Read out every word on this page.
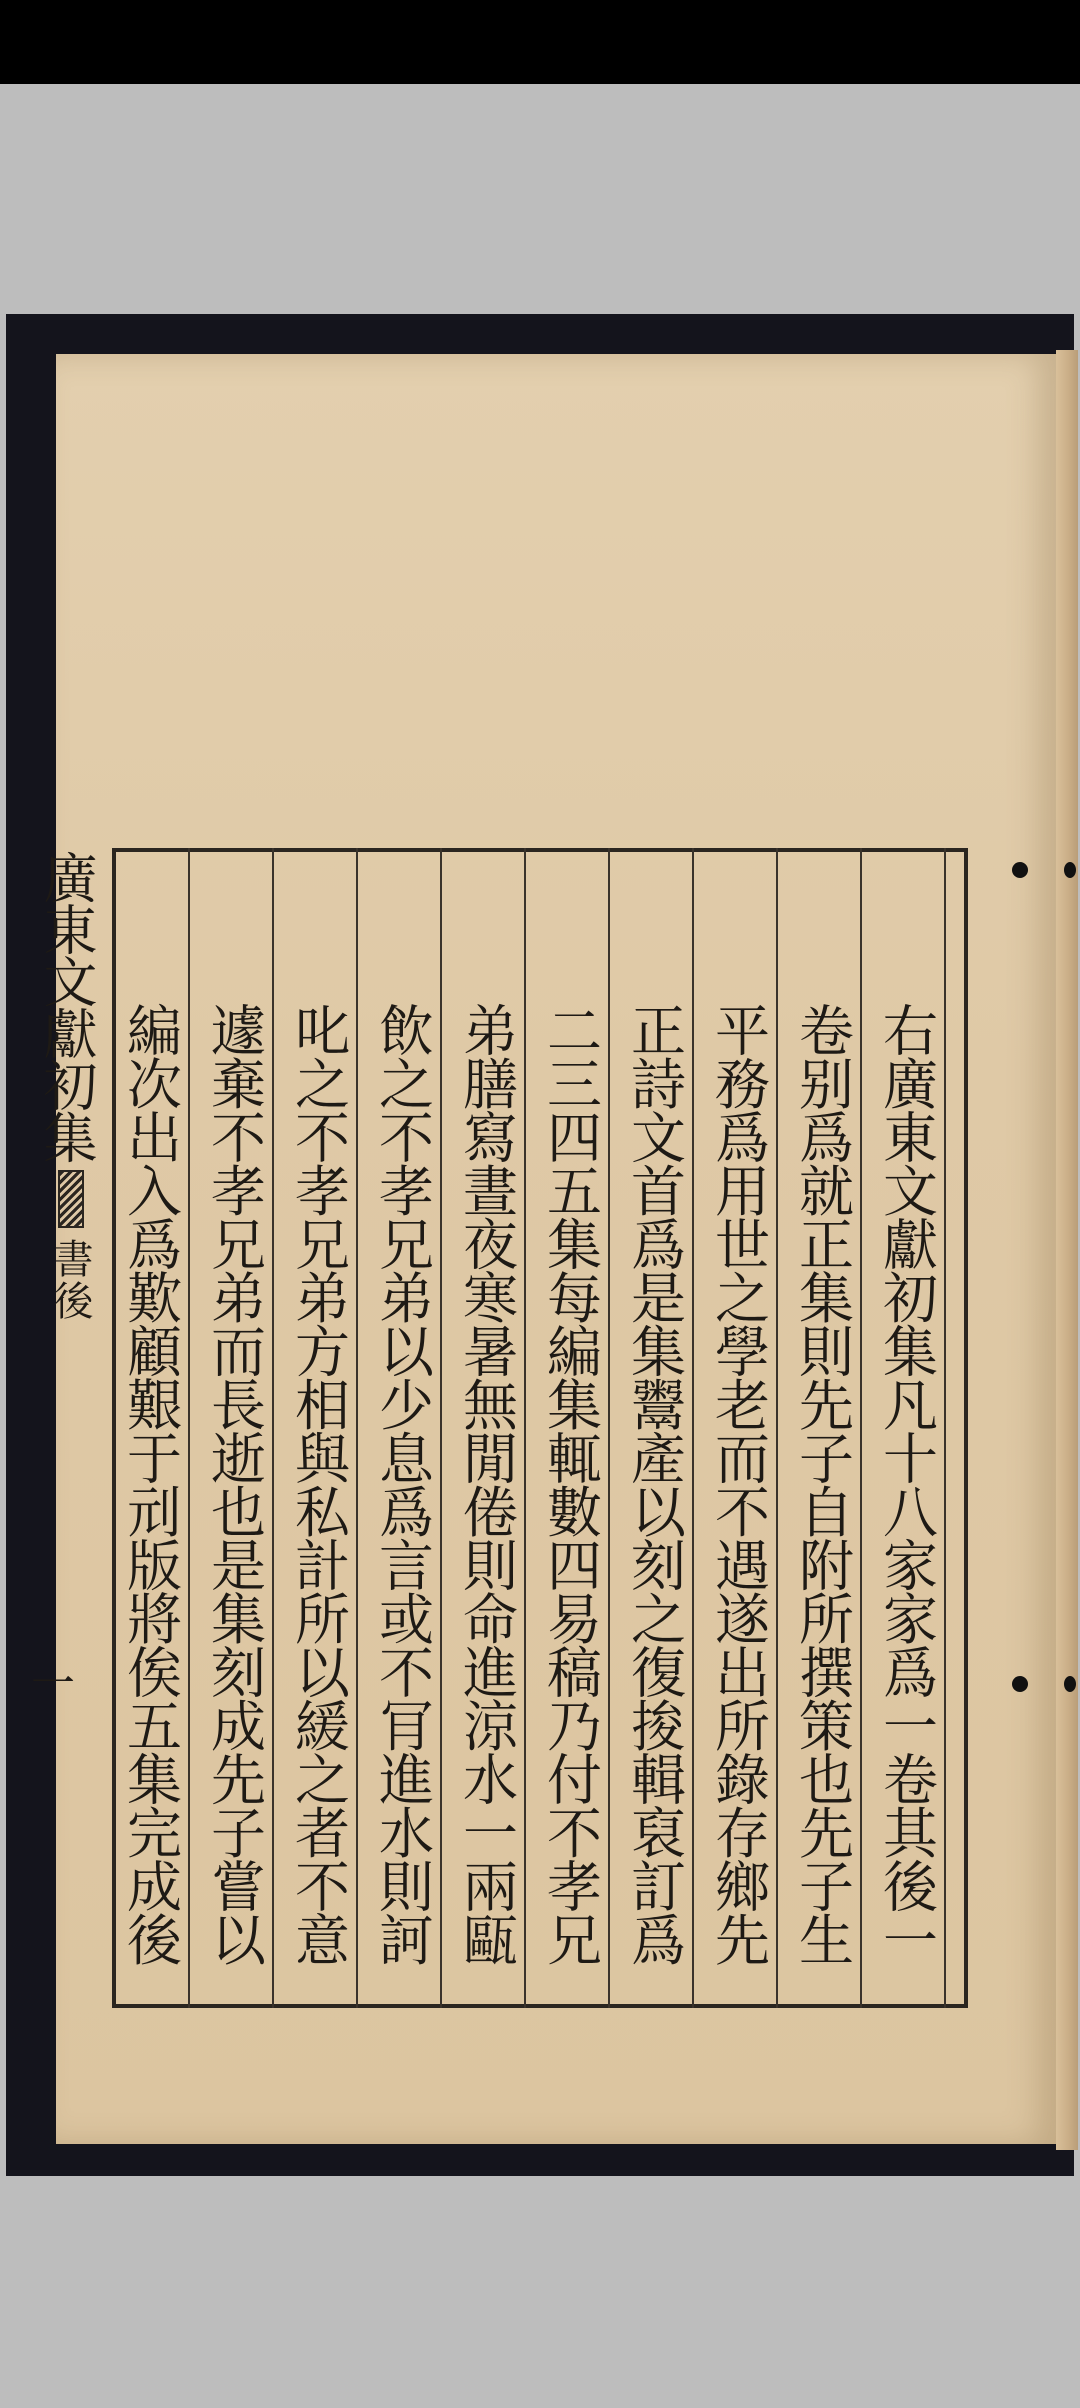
右廣東文獻初集凡十八家家爲一卷其後一
卷别爲就正集則先子自附所撰策也先子生
平務爲用世之學老而不遇遂出所錄存鄉先
正詩文首爲是集鬻產以刻之復捘輯裒訂爲
二三四五集每編集輒數四易稿乃付不孝兄
弟膳寫晝夜寒暑無閒倦則命進涼水一兩甌
飲之不孝兄弟以少息爲言或不肎進水則訶
叱之不孝兄弟方相與私計所以緩之者不意
遽棄不孝兄弟而長逝也是集刻成先子嘗以
編次出入爲歎顧艱于刓版將俟五集完成後
廣東文獻初集
書後
一
